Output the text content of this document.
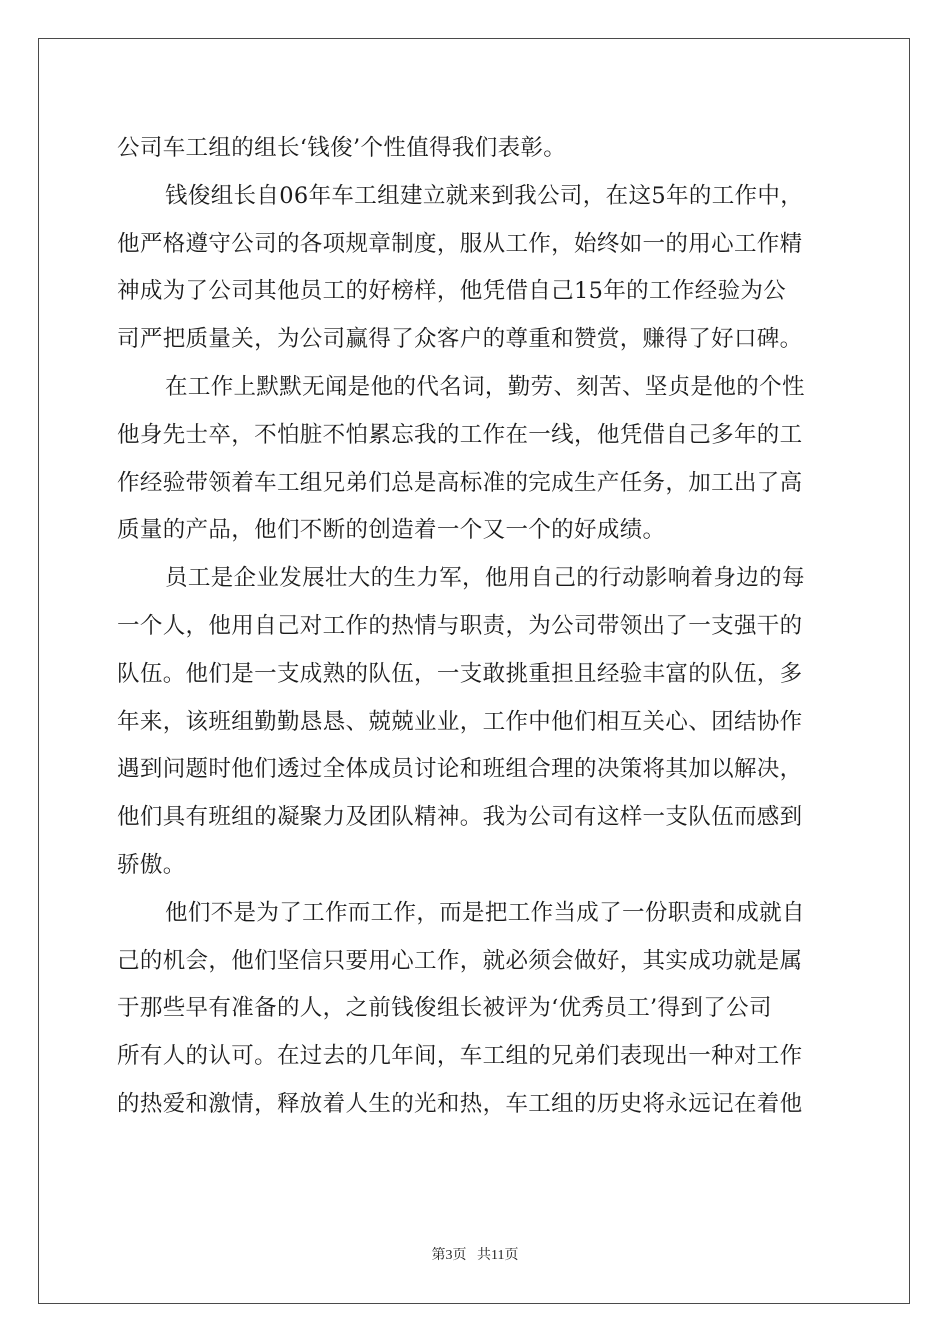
公司车工组的组长‘钱俊’个性值得我们表彰。
钱俊组长自06年车工组建立就来到我公司，在这5年的工作中，
他严格遵守公司的各项规章制度，服从工作，始终如一的用心工作精
神成为了公司其他员工的好榜样，他凭借自己15年的工作经验为公
司严把质量关，为公司赢得了众客户的尊重和赞赏，赚得了好口碑。
在工作上默默无闻是他的代名词，勤劳、刻苦、坚贞是他的个性
他身先士卒，不怕脏不怕累忘我的工作在一线，他凭借自己多年的工
作经验带领着车工组兄弟们总是高标准的完成生产任务，加工出了高
质量的产品，他们不断的创造着一个又一个的好成绩。
员工是企业发展壮大的生力军，他用自己的行动影响着身边的每
一个人，他用自己对工作的热情与职责，为公司带领出了一支强干的
队伍。他们是一支成熟的队伍，一支敢挑重担且经验丰富的队伍，多
年来，该班组勤勤恳恳、兢兢业业，工作中他们相互关心、团结协作
遇到问题时他们透过全体成员讨论和班组合理的决策将其加以解决，
他们具有班组的凝聚力及团队精神。我为公司有这样一支队伍而感到
骄傲。
他们不是为了工作而工作，而是把工作当成了一份职责和成就自
己的机会，他们坚信只要用心工作，就必须会做好，其实成功就是属
于那些早有准备的人，之前钱俊组长被评为‘优秀员工’得到了公司
所有人的认可。在过去的几年间，车工组的兄弟们表现出一种对工作
的热爱和激情，释放着人生的光和热，车工组的历史将永远记在着他
第3页 共11页
